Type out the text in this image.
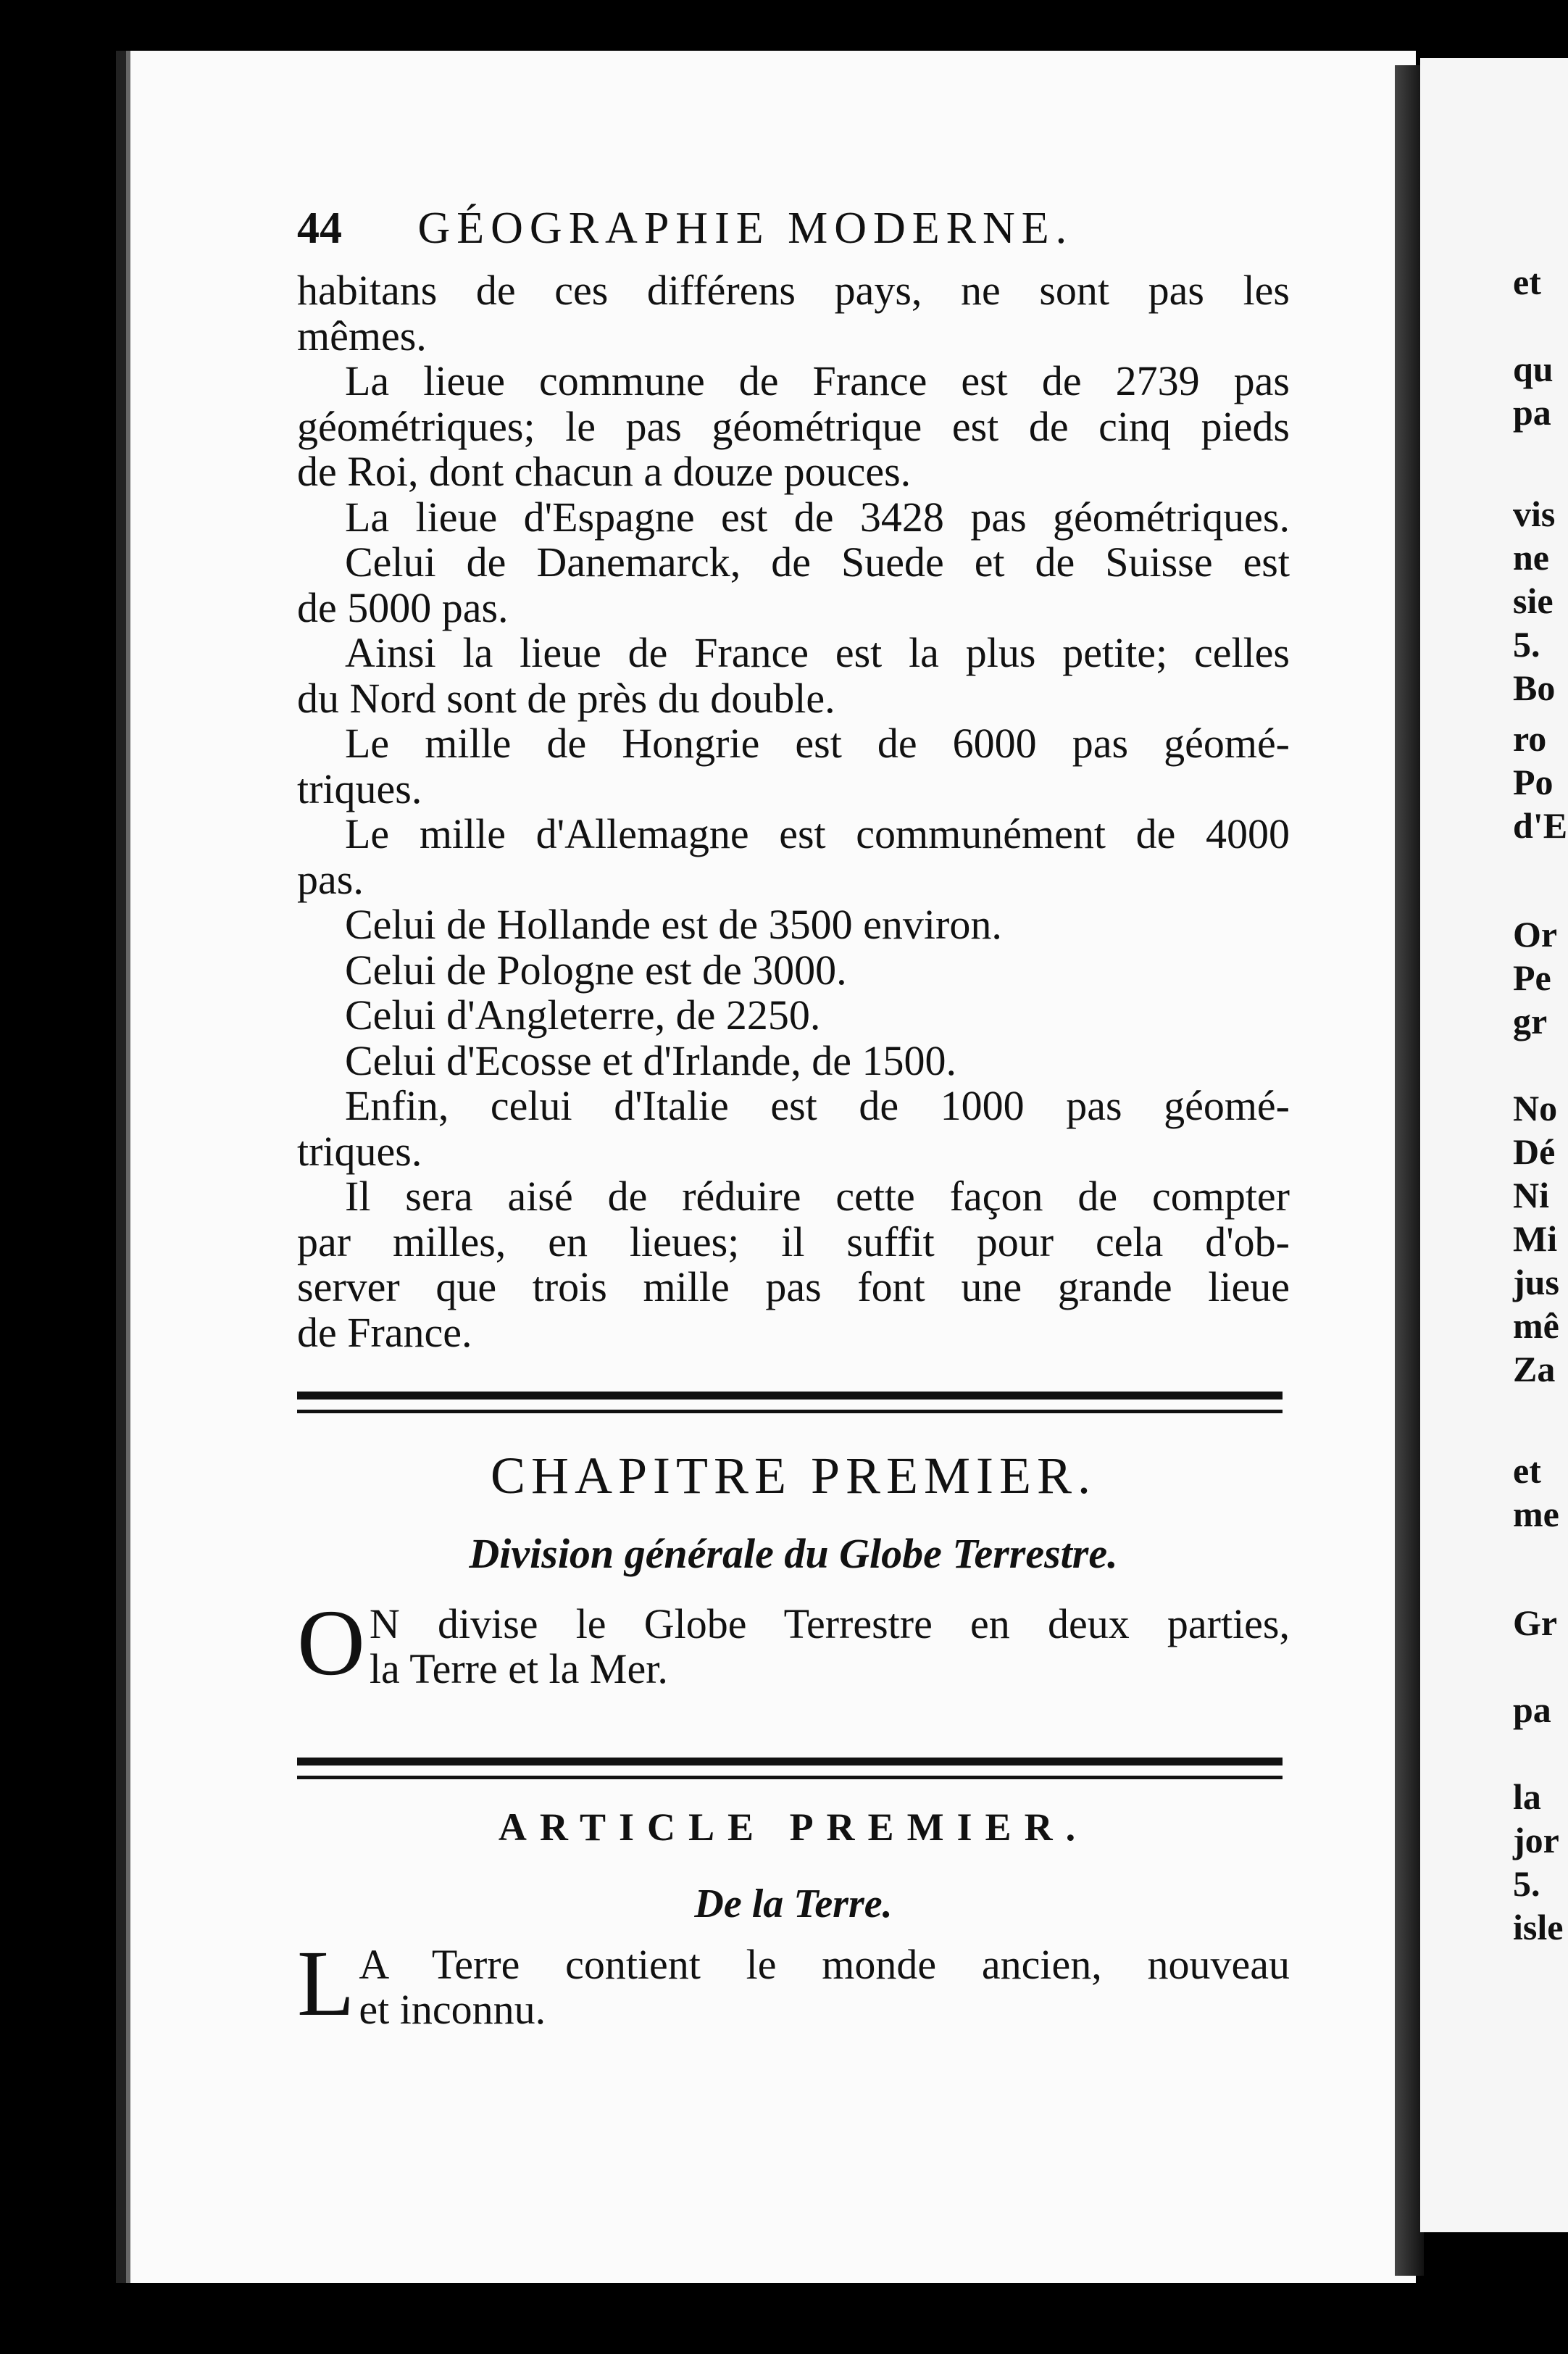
et
qu
pa
vis
ne
sie
5.
Bo
ro
Po
d'E
Or
Pe
gr
No
Dé
Ni
Mi
jus
mê
Za
et
me
Gr
pa
la
jor
5.
isle
44 GÉOGRAPHIE MODERNE.
habitans de ces différens pays, ne sont pas les
mêmes.
La lieue commune de France est de 2739 pas
géométriques; le pas géométrique est de cinq pieds
de Roi, dont chacun a douze pouces.
La lieue d'Espagne est de 3428 pas géométriques.
Celui de Danemarck, de Suede et de Suisse est
de 5000 pas.
Ainsi la lieue de France est la plus petite; celles
du Nord sont de près du double.
Le mille de Hongrie est de 6000 pas géomé-
triques.
Le mille d'Allemagne est communément de 4000
pas.
Celui de Hollande est de 3500 environ.
Celui de Pologne est de 3000.
Celui d'Angleterre, de 2250.
Celui d'Ecosse et d'Irlande, de 1500.
Enfin, celui d'Italie est de 1000 pas géomé-
triques.
Il sera aisé de réduire cette façon de compter
par milles, en lieues; il suffit pour cela d'ob-
server que trois mille pas font une grande lieue
de France.
CHAPITRE PREMIER.
Division générale du Globe Terrestre.
O N divise le Globe Terrestre en deux parties,
la Terre et la Mer.
ARTICLE PREMIER.
De la Terre.
L A Terre contient le monde ancien, nouveau
et inconnu.
